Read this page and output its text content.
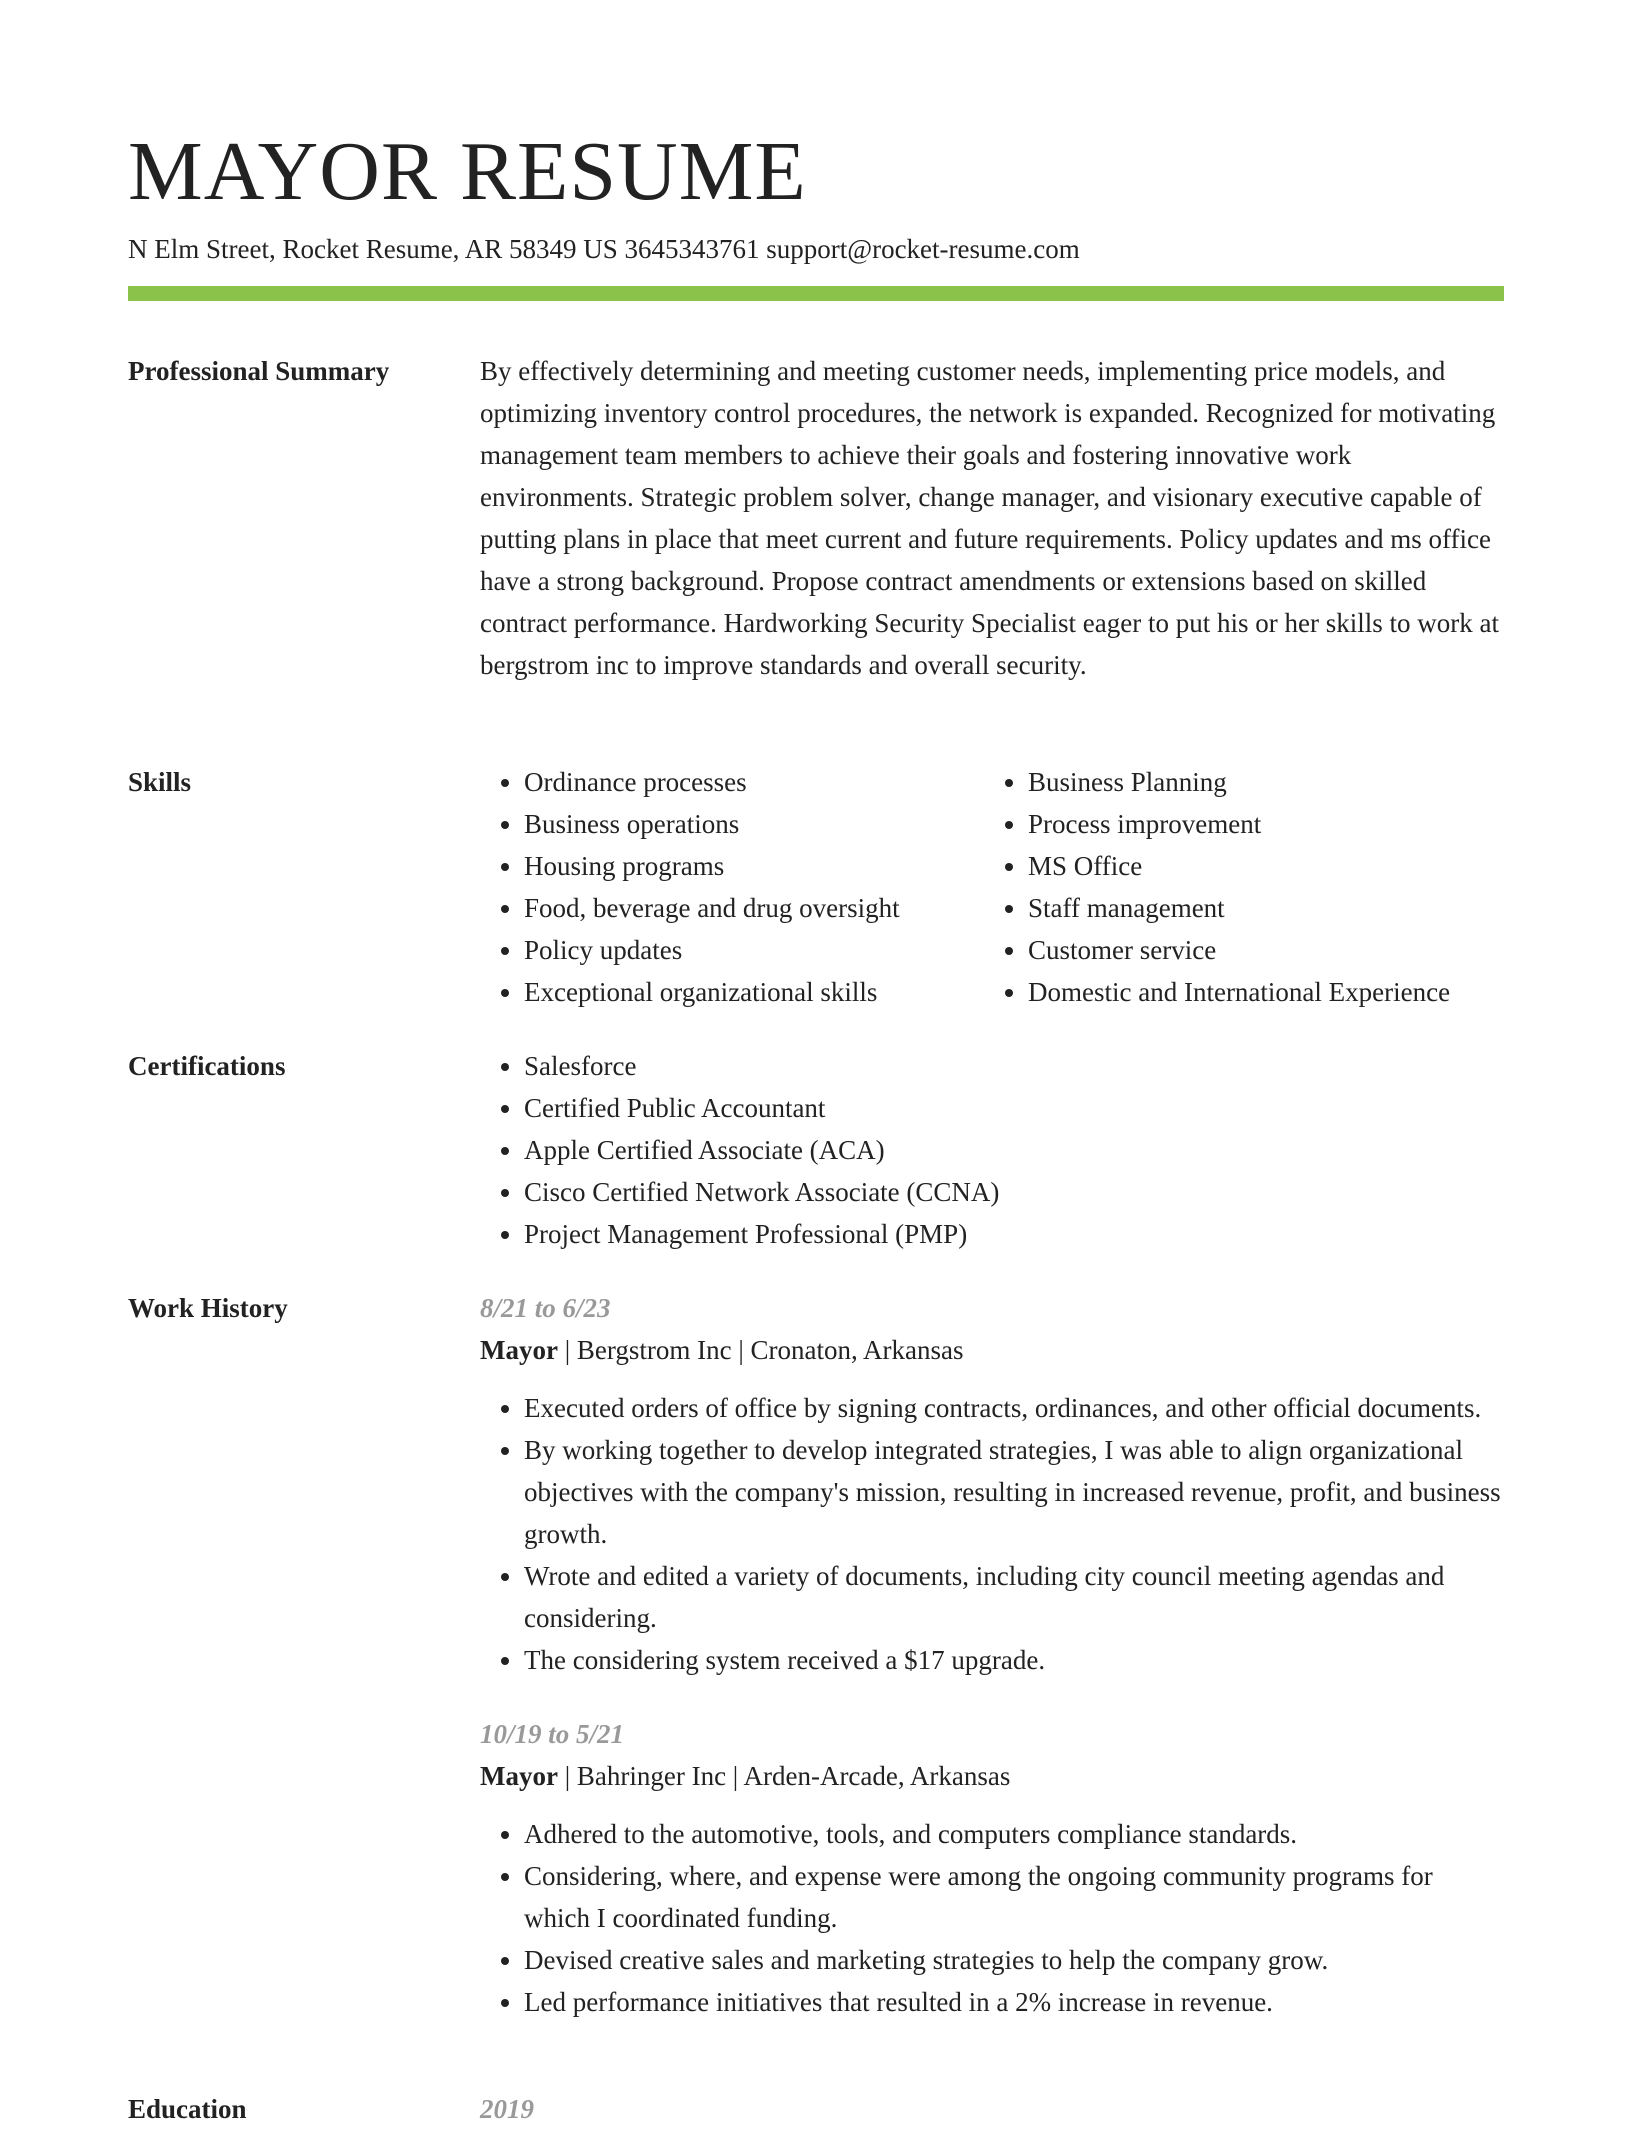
MAYOR RESUME
N Elm Street, Rocket Resume, AR 58349 US 3645343761 support@rocket-resume.com
Professional Summary	By effectively determining and meeting customer needs, implementing price models, and optimizing inventory control procedures, the network is expanded. Recognized for motivating management team members to achieve their goals and fostering innovative work environments. Strategic problem solver, change manager, and visionary executive capable of putting plans in place that meet current and future requirements. Policy updates and ms office have a strong background. Propose contract amendments or extensions based on skilled contract performance. Hardworking Security Specialist eager to put his or her skills to work at bergstrom inc to improve standards and overall security.
Skills	• Ordinance processes
• Business operations
• Housing programs
• Food, beverage and drug oversight
• Policy updates
• Exceptional organizational skills
• Business Planning
• Process improvement
• MS Office
• Staff management
• Customer service
• Domestic and International Experience
Certifications	• Salesforce
• Certified Public Accountant
• Apple Certified Associate (ACA)
• Cisco Certified Network Associate (CCNA)
• Project Management Professional (PMP)
Work History	8/21 to 6/23
Mayor | Bergstrom Inc | Cronaton, Arkansas
• Executed orders of office by signing contracts, ordinances, and other official documents.
• By working together to develop integrated strategies, I was able to align organizational objectives with the company's mission, resulting in increased revenue, profit, and business growth.
• Wrote and edited a variety of documents, including city council meeting agendas and considering.
• The considering system received a $17 upgrade.
10/19 to 5/21
Mayor | Bahringer Inc | Arden-Arcade, Arkansas
• Adhered to the automotive, tools, and computers compliance standards.
• Considering, where, and expense were among the ongoing community programs for which I coordinated funding.
• Devised creative sales and marketing strategies to help the company grow.
• Led performance initiatives that resulted in a 2% increase in revenue.
Education	2019
